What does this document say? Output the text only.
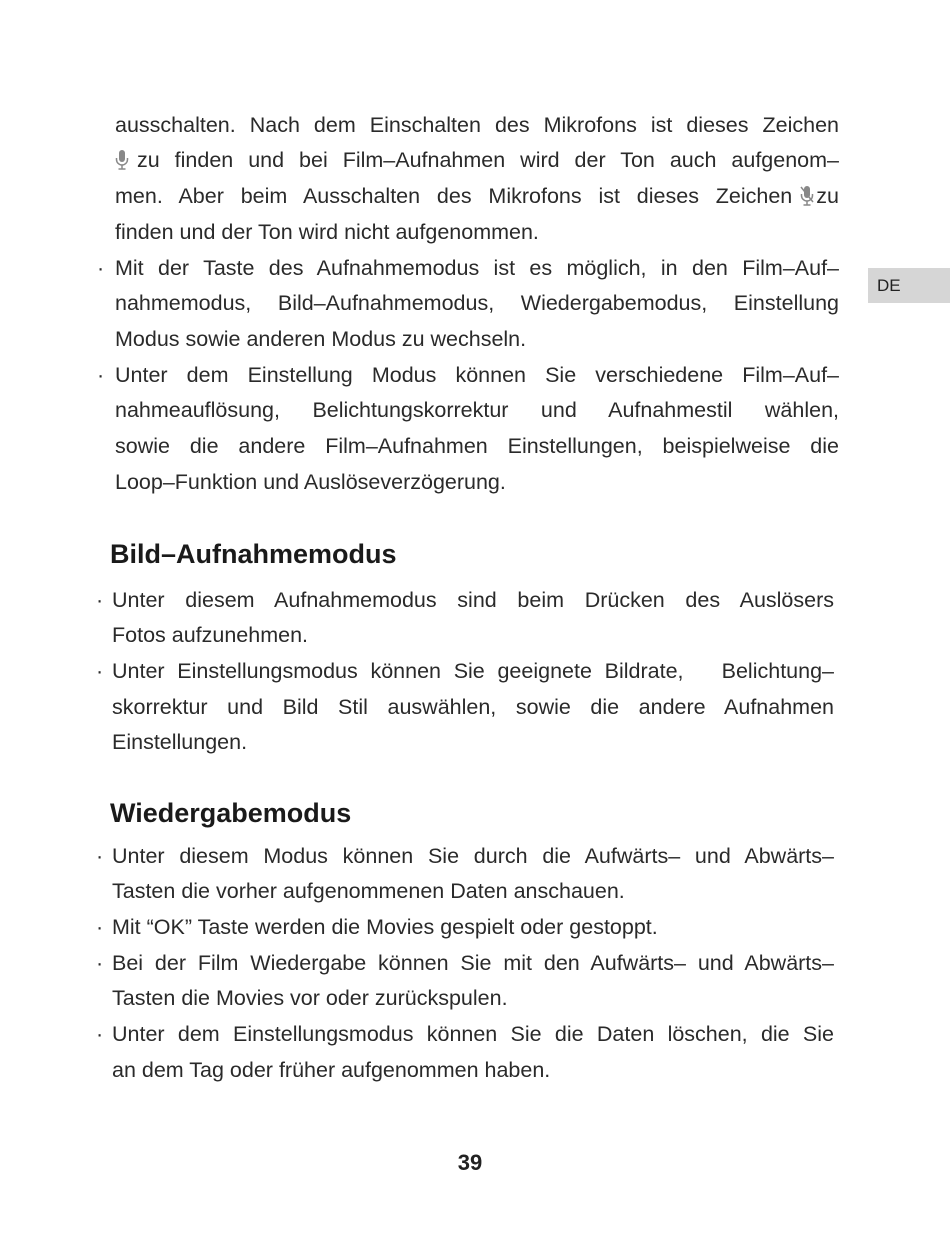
DE
ausschalten. Nach dem Einschalten des Mikrofons ist dieses Zeichen
zu finden und bei Film–Aufnahmen wird der Ton auch aufgenom–
men. Aber beim Ausschalten des Mikrofons ist dieses Zeichen zu
finden und der Ton wird nicht aufgenommen.
· Mit der Taste des Aufnahmemodus ist es möglich, in den Film–Auf–
nahmemodus, Bild–Aufnahmemodus, Wiedergabemodus, Einstellung
Modus sowie anderen Modus zu wechseln.
· Unter dem Einstellung Modus können Sie verschiedene Film–Auf–
nahmeauflösung, Belichtungskorrektur und Aufnahmestil wählen,
sowie die andere Film–Aufnahmen Einstellungen, beispielweise die
Loop–Funktion und Auslöseverzögerung.
Bild–Aufnahmemodus
· Unter diesem Aufnahmemodus sind beim Drücken des Auslösers
Fotos aufzunehmen.
· Unter Einstellungsmodus können Sie geeignete Bildrate,   Belichtung–
skorrektur und Bild Stil auswählen, sowie die andere Aufnahmen
Einstellungen.
Wiedergabemodus
· Unter diesem Modus können Sie durch die Aufwärts– und Abwärts–
Tasten die vorher aufgenommenen Daten anschauen.
· Mit “OK” Taste werden die Movies gespielt oder gestoppt.
· Bei der Film Wiedergabe können Sie mit den Aufwärts– und Abwärts–
Tasten die Movies vor oder zurückspulen.
· Unter dem Einstellungsmodus können Sie die Daten löschen, die Sie
an dem Tag oder früher aufgenommen haben.
39
